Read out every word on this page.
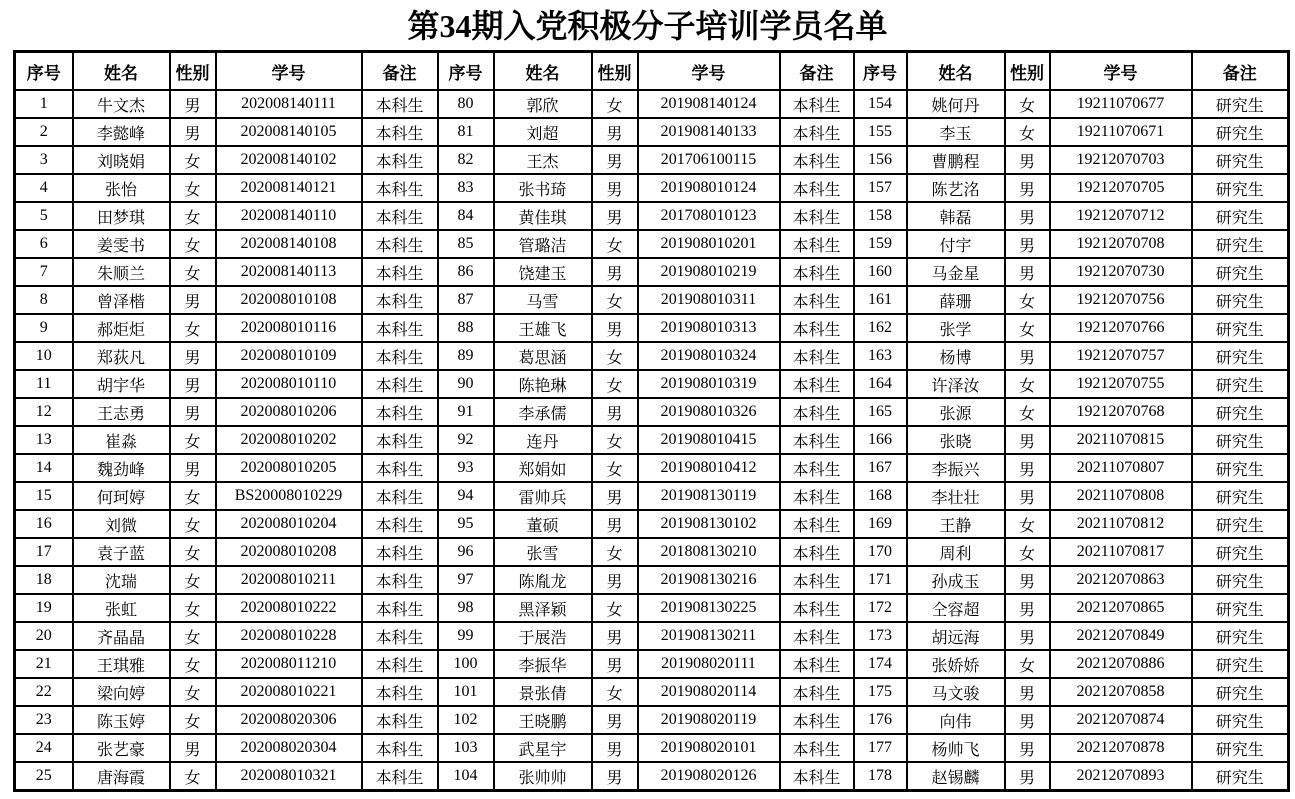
第34期入党积极分子培训学员名单
序号	姓名	性别	学号	备注	序号	姓名	性别	学号	备注	序号	姓名	性别	学号	备注
1	牛文杰	男	202008140111	本科生	80	郭欣	女	201908140124	本科生	154	姚何丹	女	19211070677	研究生
2	李懿峰	男	202008140105	本科生	81	刘超	男	201908140133	本科生	155	李玉	女	19211070671	研究生
3	刘晓娟	女	202008140102	本科生	82	王杰	男	201706100115	本科生	156	曹鹏程	男	19212070703	研究生
4	张怡	女	202008140121	本科生	83	张书琦	男	201908010124	本科生	157	陈艺洺	男	19212070705	研究生
5	田梦琪	女	202008140110	本科生	84	黄佳琪	男	201708010123	本科生	158	韩磊	男	19212070712	研究生
6	姜雯书	女	202008140108	本科生	85	管璐洁	女	201908010201	本科生	159	付宇	男	19212070708	研究生
7	朱顺兰	女	202008140113	本科生	86	饶建玉	男	201908010219	本科生	160	马金星	男	19212070730	研究生
8	曾泽楷	男	202008010108	本科生	87	马雪	女	201908010311	本科生	161	薛珊	女	19212070756	研究生
9	郝炬炬	女	202008010116	本科生	88	王雄飞	男	201908010313	本科生	162	张学	女	19212070766	研究生
10	郑荻凡	男	202008010109	本科生	89	葛思涵	女	201908010324	本科生	163	杨博	男	19212070757	研究生
11	胡宇华	男	202008010110	本科生	90	陈艳琳	女	201908010319	本科生	164	许泽汝	女	19212070755	研究生
12	王志勇	男	202008010206	本科生	91	李承儒	男	201908010326	本科生	165	张源	女	19212070768	研究生
13	崔淼	女	202008010202	本科生	92	连丹	女	201908010415	本科生	166	张晓	男	20211070815	研究生
14	魏劲峰	男	202008010205	本科生	93	郑娟如	女	201908010412	本科生	167	李振兴	男	20211070807	研究生
15	何珂婷	女	BS20008010229	本科生	94	雷帅兵	男	201908130119	本科生	168	李壮壮	男	20211070808	研究生
16	刘微	女	202008010204	本科生	95	董硕	男	201908130102	本科生	169	王静	女	20211070812	研究生
17	袁子蓝	女	202008010208	本科生	96	张雪	女	201808130210	本科生	170	周利	女	20211070817	研究生
18	沈瑞	女	202008010211	本科生	97	陈胤龙	男	201908130216	本科生	171	孙成玉	男	20212070863	研究生
19	张虹	女	202008010222	本科生	98	黑泽颖	女	201908130225	本科生	172	仝容超	男	20212070865	研究生
20	齐晶晶	女	202008010228	本科生	99	于展浩	男	201908130211	本科生	173	胡远海	男	20212070849	研究生
21	王琪雅	女	202008011210	本科生	100	李振华	男	201908020111	本科生	174	张娇娇	女	20212070886	研究生
22	梁向婷	女	202008010221	本科生	101	景张倩	女	201908020114	本科生	175	马文骏	男	20212070858	研究生
23	陈玉婷	女	202008020306	本科生	102	王晓鹏	男	201908020119	本科生	176	向伟	男	20212070874	研究生
24	张艺豪	男	202008020304	本科生	103	武星宇	男	201908020101	本科生	177	杨帅飞	男	20212070878	研究生
25	唐海霞	女	202008010321	本科生	104	张帅帅	男	201908020126	本科生	178	赵锡麟	男	20212070893	研究生
